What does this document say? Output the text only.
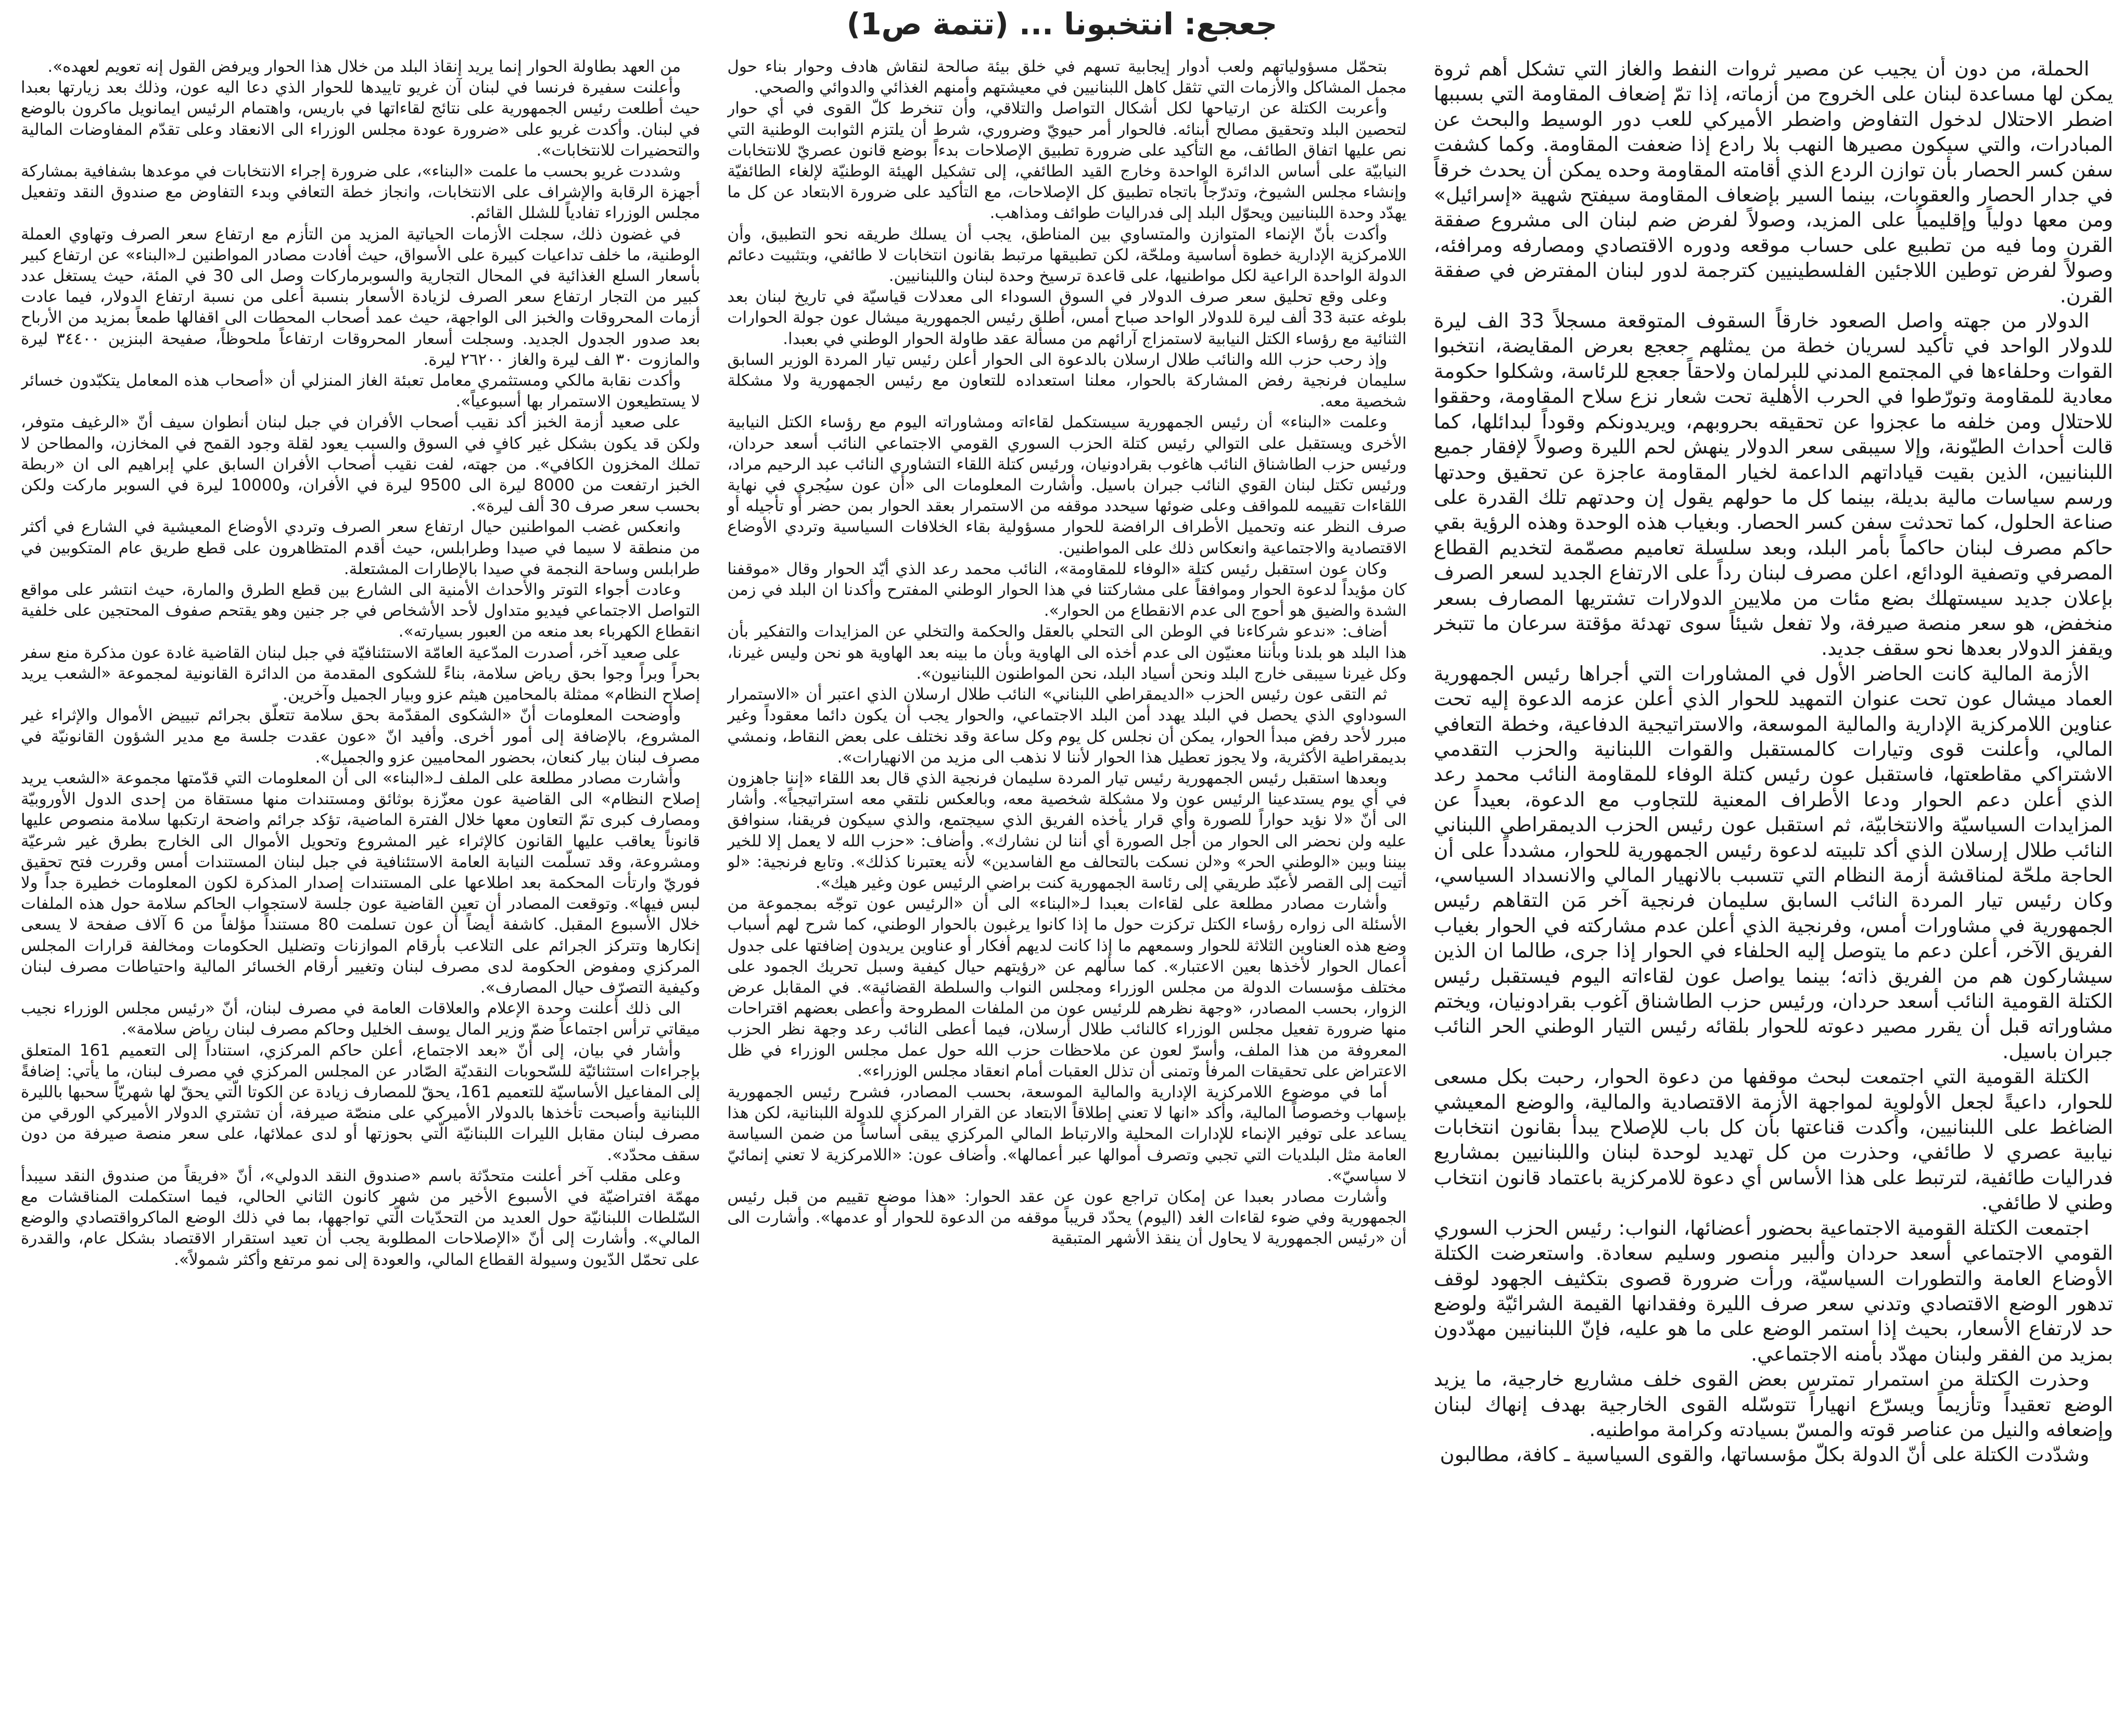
جعجع: انتخبونا ... (تتمة ص1)

الحملة، من دون أن يجيب عن مصير ثروات النفط والغاز التي تشكل أهم ثروة يمكن لها مساعدة لبنان على الخروج من أزماته، إذا تمّ إضعاف المقاومة التي بسببها اضطر الاحتلال لدخول التفاوض واضطر الأميركي للعب دور الوسيط والبحث عن المبادرات، والتي سيكون مصيرها النهب بلا رادع إذا ضعفت المقاومة. وكما كشفت سفن كسر الحصار بأن توازن الردع الذي أقامته المقاومة وحده يمكن أن يحدث خرقاً في جدار الحصار والعقوبات، بينما السير بإضعاف المقاومة سيفتح شهية «إسرائيل» ومن معها دولياً وإقليمياً على المزيد، وصولاً لفرض ضم لبنان الى مشروع صفقة القرن وما فيه من تطبيع على حساب موقعه ودوره الاقتصادي ومصارفه ومرافئه، وصولاً لفرض توطين اللاجئين الفلسطينيين كترجمة لدور لبنان المفترض في صفقة القرن.

الدولار من جهته واصل الصعود خارقاً السقوف المتوقعة مسجلاً 33 الف ليرة للدولار الواحد في تأكيد لسريان خطة من يمثلهم جعجع بعرض المقايضة، انتخبوا القوات وحلفاءها في المجتمع المدني للبرلمان ولاحقاً جعجع للرئاسة، وشكلوا حكومة معادية للمقاومة وتورّطوا في الحرب الأهلية تحت شعار نزع سلاح المقاومة، وحققوا للاحتلال ومن خلفه ما عجزوا عن تحقيقه بحروبهم، ويريدونكم وقوداً لبدائلها، كما قالت أحداث الطيّونة، وإلا سيبقى سعر الدولار ينهش لحم الليرة وصولاً لإفقار جميع اللبنانيين، الذين بقيت قياداتهم الداعمة لخيار المقاومة عاجزة عن تحقيق وحدتها ورسم سياسات مالية بديلة، بينما كل ما حولهم يقول إن وحدتهم تلك القدرة على صناعة الحلول، كما تحدثت سفن كسر الحصار. وبغياب هذه الوحدة وهذه الرؤية بقي حاكم مصرف لبنان حاكماً بأمر البلد، وبعد سلسلة تعاميم مصمّمة لتخديم القطاع المصرفي وتصفية الودائع، اعلن مصرف لبنان رداً على الارتفاع الجديد لسعر الصرف بإعلان جديد سيستهلك بضع مئات من ملايين الدولارات تشتريها المصارف بسعر منخفض، هو سعر منصة صيرفة، ولا تفعل شيئاً سوى تهدئة مؤقتة سرعان ما تتبخر ويقفز الدولار بعدها نحو سقف جديد.

الأزمة المالية كانت الحاضر الأول في المشاورات التي أجراها رئيس الجمهورية العماد ميشال عون تحت عنوان التمهيد للحوار الذي أعلن عزمه الدعوة إليه تحت عناوين اللامركزية الإدارية والمالية الموسعة، والاستراتيجية الدفاعية، وخطة التعافي المالي، وأعلنت قوى وتيارات كالمستقبل والقوات اللبنانية والحزب التقدمي الاشتراكي مقاطعتها، فاستقبل عون رئيس كتلة الوفاء للمقاومة النائب محمد رعد الذي أعلن دعم الحوار ودعا الأطراف المعنية للتجاوب مع الدعوة، بعيداً عن المزايدات السياسيّة والانتخابيّة، ثم استقبل عون رئيس الحزب الديمقراطي اللبناني النائب طلال إرسلان الذي أكد تلبيته لدعوة رئيس الجمهورية للحوار، مشدداً على أن الحاجة ملحّة لمناقشة أزمة النظام التي تتسبب بالانهيار المالي والانسداد السياسي، وكان رئيس تيار المردة النائب السابق سليمان فرنجية آخر مَن التقاهم رئيس الجمهورية في مشاورات أمس، وفرنجية الذي أعلن عدم مشاركته في الحوار بغياب الفريق الآخر، أعلن دعم ما يتوصل إليه الحلفاء في الحوار إذا جرى، طالما ان الذين سيشاركون هم من الفريق ذاته؛ بينما يواصل عون لقاءاته اليوم فيستقبل رئيس الكتلة القومية النائب أسعد حردان، ورئيس حزب الطاشناق آغوب بقرادونيان، ويختم مشاوراته قبل أن يقرر مصير دعوته للحوار بلقائه رئيس التيار الوطني الحر النائب جبران باسيل.

الكتلة القومية التي اجتمعت لبحث موقفها من دعوة الحوار، رحبت بكل مسعى للحوار، داعيةً لجعل الأولوية لمواجهة الأزمة الاقتصادية والمالية، والوضع المعيشي الضاغط على اللبنانيين، وأكدت قناعتها بأن كل باب للإصلاح يبدأ بقانون انتخابات نيابية عصري لا طائفي، وحذرت من كل تهديد لوحدة لبنان واللبنانيين بمشاريع فدراليات طائفية، لترتبط على هذا الأساس أي دعوة للامركزية باعتماد قانون انتخاب وطني لا طائفي.

اجتمعت الكتلة القومية الاجتماعية بحضور أعضائها، النواب: رئيس الحزب السوري القومي الاجتماعي أسعد حردان وألبير منصور وسليم سعادة. واستعرضت الكتلة الأوضاع العامة والتطورات السياسيّة، ورأت ضرورة قصوى بتكثيف الجهود لوقف تدهور الوضع الاقتصادي وتدني سعر صرف الليرة وفقدانها القيمة الشرائيّة ولوضع حد لارتفاع الأسعار، بحيث إذا استمر الوضع على ما هو عليه، فإنّ اللبنانيين مهدّدون بمزيد من الفقر ولبنان مهدّد بأمنه الاجتماعي.

وحذرت الكتلة من استمرار تمترس بعض القوى خلف مشاريع خارجية، ما يزيد الوضع تعقيداً وتأزيماً ويسرّع انهياراً تتوسّله القوى الخارجية بهدف إنهاك لبنان وإضعافه والنيل من عناصر قوته والمسّ بسيادته وكرامة مواطنيه.

وشدّدت الكتلة على أنّ الدولة بكلّ مؤسساتها، والقوى السياسية ـ كافة، مطالبون

بتحمّل مسؤولياتهم ولعب أدوار إيجابية تسهم في خلق بيئة صالحة لنقاش هادف وحوار بناء حول مجمل المشاكل والأزمات التي تثقل كاهل اللبنانيين في معيشتهم وأمنهم الغذائي والدوائي والصحي.

وأعربت الكتلة عن ارتياحها لكل أشكال التواصل والتلاقي، وأن تنخرط كلّ القوى في أي حوار لتحصين البلد وتحقيق مصالح أبنائه. فالحوار أمر حيويّ وضروري، شرط أن يلتزم الثوابت الوطنية التي نص عليها اتفاق الطائف، مع التأكيد على ضرورة تطبيق الإصلاحات بدءاً بوضع قانون عصريّ للانتخابات النيابيّة على أساس الدائرة الواحدة وخارج القيد الطائفي، إلى تشكيل الهيئة الوطنيّة لإلغاء الطائفيّة وإنشاء مجلس الشيوخ، وتدرّجاً باتجاه تطبيق كل الإصلاحات، مع التأكيد على ضرورة الابتعاد عن كل ما يهدّد وحدة اللبنانيين ويحوّل البلد إلى فدراليات طوائف ومذاهب.

وأكدت بأنّ الإنماء المتوازن والمتساوي بين المناطق، يجب أن يسلك طريقه نحو التطبيق، وأن اللامركزية الإدارية خطوة أساسية وملحّة، لكن تطبيقها مرتبط بقانون انتخابات لا طائفي، وبتثبيت دعائم الدولة الواحدة الراعية لكل مواطنيها، على قاعدة ترسيخ وحدة لبنان واللبنانيين.

وعلى وقع تحليق سعر صرف الدولار في السوق السوداء الى معدلات قياسيّة في تاريخ لبنان بعد بلوغه عتبة 33 ألف ليرة للدولار الواحد صباح أمس، أطلق رئيس الجمهورية ميشال عون جولة الحوارات الثنائية مع رؤساء الكتل النيابية لاستمزاج آرائهم من مسألة عقد طاولة الحوار الوطني في بعبدا.

وإذ رحب حزب الله والنائب طلال ارسلان بالدعوة الى الحوار أعلن رئيس تيار المردة الوزير السابق سليمان فرنجية رفض المشاركة بالحوار، معلنا استعداده للتعاون مع رئيس الجمهورية ولا مشكلة شخصية معه.

وعلمت «البناء» أن رئيس الجمهورية سيستكمل لقاءاته ومشاوراته اليوم مع رؤساء الكتل النيابية الأخرى ويستقبل على التوالي رئيس كتلة الحزب السوري القومي الاجتماعي النائب أسعد حردان، ورئيس حزب الطاشناق النائب هاغوب بقرادونيان، ورئيس كتلة اللقاء التشاوري النائب عبد الرحيم مراد، ورئيس تكتل لبنان القوي النائب جبران باسيل. وأشارت المعلومات الى «أن عون سيُجري في نهاية اللقاءات تقييمه للمواقف وعلى ضوئها سيحدد موقفه من الاستمرار بعقد الحوار بمن حضر أو تأجيله أو صرف النظر عنه وتحميل الأطراف الرافضة للحوار مسؤولية بقاء الخلافات السياسية وتردي الأوضاع الاقتصادية والاجتماعية وانعكاس ذلك على المواطنين.

وكان عون استقبل رئيس كتلة «الوفاء للمقاومة»، النائب محمد رعد الذي أيّد الحوار وقال «موقفنا كان مؤيداً لدعوة الحوار وموافقاً على مشاركتنا في هذا الحوار الوطني المفترح وأكدنا ان البلد في زمن الشدة والضيق هو أحوج الى عدم الانقطاع من الحوار».

أضاف: «ندعو شركاءنا في الوطن الى التحلي بالعقل والحكمة والتخلي عن المزايدات والتفكير بأن هذا البلد هو بلدنا وبأننا معنيّون الى عدم أخذه الى الهاوية وبأن ما بينه بعد الهاوية هو نحن وليس غيرنا، وكل غيرنا سيبقى خارج البلد ونحن أسياد البلد، نحن المواطنون اللبنانيون».

ثم التقى عون رئيس الحزب «الديمقراطي اللبناني» النائب طلال ارسلان الذي اعتبر أن «الاستمرار السوداوي الذي يحصل في البلد يهدد أمن البلد الاجتماعي، والحوار يجب أن يكون دائما معقوداً وغير مبرر لأحد رفض مبدأ الحوار، يمكن أن نجلس كل يوم وكل ساعة وقد نختلف على بعض النقاط، ونمشي بديمقراطية الأكثرية، ولا يجوز تعطيل هذا الحوار لأننا لا نذهب الى مزيد من الانهيارات».

وبعدها استقبل رئيس الجمهورية رئيس تيار المردة سليمان فرنجية الذي قال بعد اللقاء «إننا جاهزون في أي يوم يستدعينا الرئيس عون ولا مشكلة شخصية معه، وبالعكس نلتقي معه استراتيجياً». وأشار الى أنّ «لا نؤيد حواراً للصورة وأي قرار يأخذه الفريق الذي سيجتمع، والذي سيكون فريقنا، سنوافق عليه ولن نحضر الى الحوار من أجل الصورة أي أننا لن نشارك». وأضاف: «حزب الله لا يعمل إلا للخير بيننا وبين «الوطني الحر» و«لن نسكت بالتحالف مع الفاسدين» لأنه يعتبرنا كذلك». وتابع فرنجية: «لو أتيت إلى القصر لأعبّد طريقي إلى رئاسة الجمهورية كنت براضي الرئيس عون وغير هيك».

وأشارت مصادر مطلعة على لقاءات بعبدا لـ«البناء» الى أن «الرئيس عون توجّه بمجموعة من الأسئلة الى زواره رؤساء الكتل تركزت حول ما إذا كانوا يرغبون بالحوار الوطني، كما شرح لهم أسباب وضع هذه العناوين الثلاثة للحوار وسمعهم ما إذا كانت لديهم أفكار أو عناوين يريدون إضافتها على جدول أعمال الحوار لأخذها بعين الاعتبار». كما سألهم عن «رؤيتهم حيال كيفية وسبل تحريك الجمود على مختلف مؤسسات الدولة من مجلس الوزراء ومجلس النواب والسلطة القضائية». في المقابل عرض الزوار، بحسب المصادر، «وجهة نظرهم للرئيس عون من الملفات المطروحة وأعطى بعضهم اقتراحات منها ضرورة تفعيل مجلس الوزراء كالنائب طلال أرسلان، فيما أعطى النائب رعد وجهة نظر الحزب المعروفة من هذا الملف، وأسرّ لعون عن ملاحظات حزب الله حول عمل مجلس الوزراء في ظل الاعتراض على تحقيقات المرفأ وتمنى أن تذلل العقبات أمام انعقاد مجلس الوزراء».

أما في موضوع اللامركزية الإدارية والمالية الموسعة، بحسب المصادر، فشرح رئيس الجمهورية بإسهاب وخصوصاً المالية، وأكد «انها لا تعني إطلاقاً الابتعاد عن القرار المركزي للدولة اللبنانية، لكن هذا يساعد على توفير الإنماء للإدارات المحلية والارتباط المالي المركزي يبقى أساساً من ضمن السياسة العامة مثل البلديات التي تجبي وتصرف أموالها عبر أعمالها». وأضاف عون: «اللامركزية لا تعني إنمائيّ لا سياسيّ».

وأشارت مصادر بعبدا عن إمكان تراجع عون عن عقد الحوار: «هذا موضع تقييم من قبل رئيس الجمهورية وفي ضوء لقاءات الغد (اليوم) يحدّد قريباً موقفه من الدعوة للحوار أو عدمها». وأشارت الى أن «رئيس الجمهورية لا يحاول أن ينقذ الأشهر المتبقية

من العهد بطاولة الحوار إنما يريد إنقاذ البلد من خلال هذا الحوار ويرفض القول إنه تعويم لعهده».

وأعلنت سفيرة فرنسا في لبنان آن غريو تاييدها للحوار الذي دعا اليه عون، وذلك بعد زيارتها بعبدا حيث أطلعت رئيس الجمهورية على نتائج لقاءاتها في باريس، واهتمام الرئيس ايمانويل ماكرون بالوضع في لبنان. وأكدت غريو على «ضرورة عودة مجلس الوزراء الى الانعقاد وعلى تقدّم المفاوضات المالية والتحضيرات للانتخابات».

وشددت غريو بحسب ما علمت «البناء»، على ضرورة إجراء الانتخابات في موعدها بشفافية بمشاركة أجهزة الرقابة والإشراف على الانتخابات، وانجاز خطة التعافي وبدء التفاوض مع صندوق النقد وتفعيل مجلس الوزراء تفادياً للشلل القائم.

في غضون ذلك، سجلت الأزمات الحياتية المزيد من التأزم مع ارتفاع سعر الصرف وتهاوي العملة الوطنية، ما خلف تداعيات كبيرة على الأسواق، حيث أفادت مصادر المواطنين لـ«البناء» عن ارتفاع كبير بأسعار السلع الغذائية في المحال التجارية والسوبرماركات وصل الى 30 في المئة، حيث يستغل عدد كبير من التجار ارتفاع سعر الصرف لزيادة الأسعار بنسبة أعلى من نسبة ارتفاع الدولار، فيما عادت أزمات المحروقات والخبز الى الواجهة، حيث عمد أصحاب المحطات الى اقفالها طمعاً بمزيد من الأرباح بعد صدور الجدول الجديد. وسجلت أسعار المحروقات ارتفاعاً ملحوظاً، صفيحة البنزين ٣٤٤٠٠ ليرة والمازوت ٣٠ الف ليرة والغاز ٢٦٢٠٠ ليرة.

وأكدت نقابة مالكي ومستثمري معامل تعبئة الغاز المنزلي أن «أصحاب هذه المعامل يتكبّدون خسائر لا يستطيعون الاستمرار بها أسبوعياً».

على صعيد أزمة الخبز أكد نقيب أصحاب الأفران في جبل لبنان أنطوان سيف أنّ «الرغيف متوفر، ولكن قد يكون بشكل غير كافٍ في السوق والسبب يعود لقلة وجود القمح في المخازن، والمطاحن لا تملك المخزون الكافي». من جهته، لفت نقيب أصحاب الأفران السابق علي إبراهيم الى ان «ربطة الخبز ارتفعت من 8000 ليرة الى 9500 ليرة في الأفران، و10000 ليرة في السوبر ماركت ولكن بحسب سعر صرف 30 ألف ليرة».

وانعكس غضب المواطنين حيال ارتفاع سعر الصرف وتردي الأوضاع المعيشية في الشارع في أكثر من منطقة لا سيما في صيدا وطرابلس، حيث أقدم المتظاهرون على قطع طريق عام المتكوبين في طرابلس وساحة النجمة في صيدا بالإطارات المشتعلة.

وعادت أجواء التوتر والأحداث الأمنية الى الشارع بين قطع الطرق والمارة، حيث انتشر على مواقع التواصل الاجتماعي فيديو متداول لأحد الأشخاص في جر جنين وهو يقتحم صفوف المحتجين على خلفية انقطاع الكهرباء بعد منعه من العبور بسيارته».

على صعيد آخر، أصدرت المدّعية العامّة الاستئنافيّة في جبل لبنان القاضية غادة عون مذكرة منع سفر بحراً وبراً وجوا بحق رياض سلامة، بناءً للشكوى المقدمة من الدائرة القانونية لمجموعة «الشعب يريد إصلاح النظام» ممثلة بالمحامين هيثم عزو وبيار الجميل وآخرين.

وأوضحت المعلومات أنّ «الشكوى المقدّمة بحق سلامة تتعلّق بجرائم تبييض الأموال والإثراء غير المشروع، بالإضافة إلى أمور أخرى. وأفيد انّ «عون عقدت جلسة مع مدير الشؤون القانونيّة في مصرف لبنان بيار كنعان، بحضور المحاميين عزو والجميل».

وأشارت مصادر مطلعة على الملف لـ«البناء» الى أن المعلومات التي قدّمتها مجموعة «الشعب يريد إصلاح النظام» الى القاضية عون معزّزة بوثائق ومستندات منها مستقاة من إحدى الدول الأوروبيّة ومصارف كبرى تمّ التعاون معها خلال الفترة الماضية، تؤكد جرائم واضحة ارتكبها سلامة منصوص عليها قانوناً يعاقب عليها القانون كالإثراء غير المشروع وتحويل الأموال الى الخارج بطرق غير شرعيّة ومشروعة، وقد تسلّمت النيابة العامة الاستئنافية في جبل لبنان المستندات أمس وقررت فتح تحقيق فوريّ وارتأت المحكمة بعد اطلاعها على المستندات إصدار المذكرة لكون المعلومات خطيرة جداً ولا لبس فيها». وتوقعت المصادر أن تعين القاضية عون جلسة لاستجواب الحاكم سلامة حول هذه الملفات خلال الأسبوع المقبل. كاشفة أيضاً أن عون تسلمت 80 مستنداً مؤلفاً من 6 آلاف صفحة لا يسعى إنكارها وتتركز الجرائم على التلاعب بأرقام الموازنات وتضليل الحكومات ومخالفة قرارات المجلس المركزي ومفوض الحكومة لدى مصرف لبنان وتغيير أرقام الخسائر المالية واحتياطات مصرف لبنان وكيفية التصرّف حيال المصارف».

الى ذلك أعلنت وحدة الإعلام والعلاقات العامة في مصرف لبنان، أنّ «رئيس مجلس الوزراء نجيب ميقاتي ترأس اجتماعاً ضمّ وزير المال يوسف الخليل وحاكم مصرف لبنان رياض سلامة».

وأشار في بيان، إلى أنّ «بعد الاجتماع، أعلن حاكم المركزي، استناداً إلى التعميم 161 المتعلق بإجراءات استثنائيّة للسّحوبات النقديّة الصّادر عن المجلس المركزي في مصرف لبنان، ما يأتي: إضافةً إلى المفاعيل الأساسيّة للتعميم 161، يحقّ للمصارف زيادة عن الكوتا الّتي يحقّ لها شهريّاً سحبها بالليرة اللبنانية وأصبحت تأخذها بالدولار الأميركي على منصّة صيرفة، أن تشتري الدولار الأميركي الورقي من مصرف لبنان مقابل الليرات اللبنانيّة الّتي بحوزتها أو لدى عملائها، على سعر منصة صيرفة من دون سقف محدّد».

وعلى مقلب آخر أعلنت متحدّثة باسم «صندوق النقد الدولي»، أنّ «فريقاً من صندوق النقد سيبدأ مهمّة افتراضيّة في الأسبوع الأخير من شهر كانون الثاني الحالي، فيما استكملت المناقشات مع السّلطات اللبنانيّة حول العديد من التحدّيات الّتي تواجهها، بما في ذلك الوضع الماكرواقتصادي والوضع المالي». وأشارت إلى أنّ «الإصلاحات المطلوبة يجب أن تعيد استقرار الاقتصاد بشكل عام، والقدرة على تحمّل الدّيون وسيولة القطاع المالي، والعودة إلى نمو مرتفع وأكثر شمولاً».
